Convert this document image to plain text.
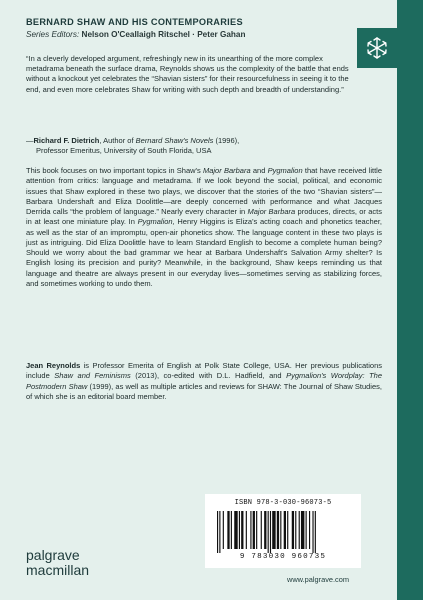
BERNARD SHAW AND HIS CONTEMPORARIES
Series Editors: Nelson O'Ceallaigh Ritschel · Peter Gahan
“In a cleverly developed argument, refreshingly new in its unearthing of the more complex metadrama beneath the surface drama, Reynolds shows us the complexity of the battle that ends without a knockout yet celebrates the “Shavian sisters” for their resourcefulness in seeing it to the end, and even more celebrates Shaw for writing with such depth and breadth of understanding.”
—Richard F. Dietrich, Author of Bernard Shaw's Novels (1996),
Professor Emeritus, University of South Florida, USA
This book focuses on two important topics in Shaw's Major Barbara and Pygmalion that have received little attention from critics: language and metadrama. If we look beyond the social, political, and economic issues that Shaw explored in these two plays, we discover that the stories of the two “Shavian sisters”—Barbara Undershaft and Eliza Doolittle—are deeply concerned with performance and what Jacques Derrida calls “the problem of language.” Nearly every character in Major Barbara produces, directs, or acts in at least one miniature play. In Pygmalion, Henry Higgins is Eliza's acting coach and phonetics teacher, as well as the star of an impromptu, open-air phonetics show. The language content in these two plays is just as intriguing. Did Eliza Doolittle have to learn Standard English to become a complete human being? Should we worry about the bad grammar we hear at Barbara Undershaft's Salvation Army shelter? Is English losing its precision and purity? Meanwhile, in the background, Shaw keeps reminding us that language and theatre are always present in our everyday lives—sometimes serving as stabilizing forces, and sometimes working to undo them.
Jean Reynolds is Professor Emerita of English at Polk State College, USA. Her previous publications include Shaw and Feminisms (2013), co-edited with D.L. Hadfield, and Pygmalion's Wordplay: The Postmodern Shaw (1999), as well as multiple articles and reviews for SHAW: The Journal of Shaw Studies, of which she is an editorial board member.
ISBN 978-3-030-96073-5
9 783030 960735
palgrave
macmillan
www.palgrave.com
